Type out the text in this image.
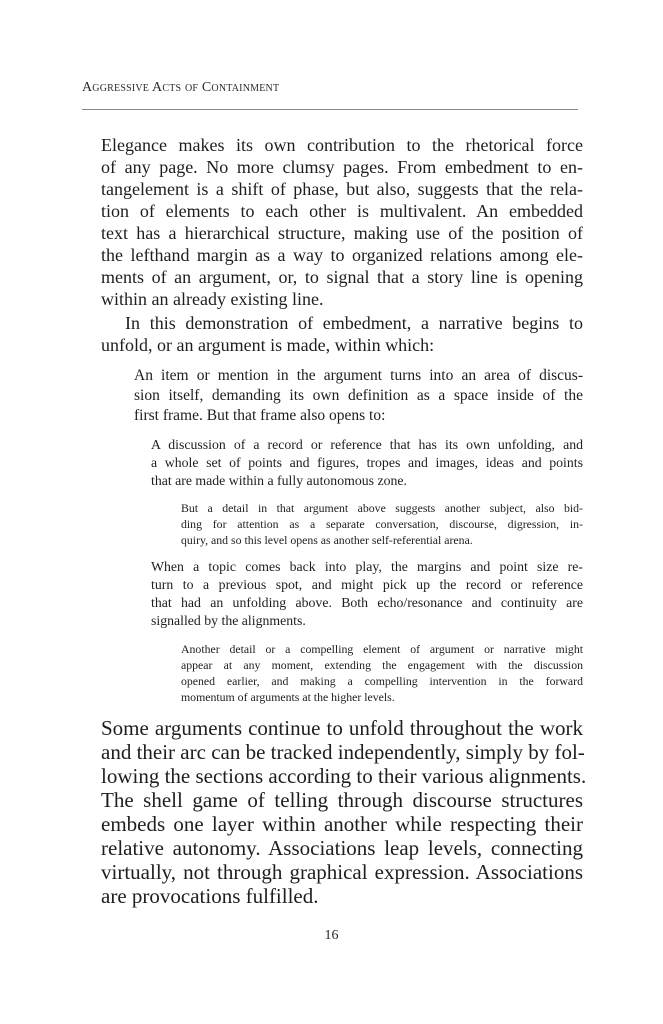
Aggressive Acts of Containment
Elegance makes its own contribution to the rhetorical force
of any page. No more clumsy pages. From embedment to en-
tangelement is a shift of phase, but also, suggests that the rela-
tion of elements to each other is multivalent. An embedded
text has a hierarchical structure, making use of the position of
the lefthand margin as a way to organized relations among ele-
ments of an argument, or, to signal that a story line is opening
within an already existing line.
In this demonstration of embedment, a narrative begins to
unfold, or an argument is made, within which:
An item or mention in the argument turns into an area of discus-
sion itself, demanding its own definition as a space inside of the
first frame. But that frame also opens to:
A discussion of a record or reference that has its own unfolding, and
a whole set of points and figures, tropes and images, ideas and points
that are made within a fully autonomous zone.
But a detail in that argument above suggests another subject, also bid-
ding for attention as a separate conversation, discourse, digression, in-
quiry, and so this level opens as another self-referential arena.
When a topic comes back into play, the margins and point size re-
turn to a previous spot, and might pick up the record or reference
that had an unfolding above. Both echo/resonance and continuity are
signalled by the alignments.
Another detail or a compelling element of argument or narrative might
appear at any moment, extending the engagement with the discussion
opened earlier, and making a compelling intervention in the forward
momentum of arguments at the higher levels.
Some arguments continue to unfold throughout the work
and their arc can be tracked independently, simply by fol-
lowing the sections according to their various alignments.
The shell game of telling through discourse structures
embeds one layer within another while respecting their
relative autonomy. Associations leap levels, connecting
virtually, not through graphical expression. Associations
are provocations fulfilled.
16
